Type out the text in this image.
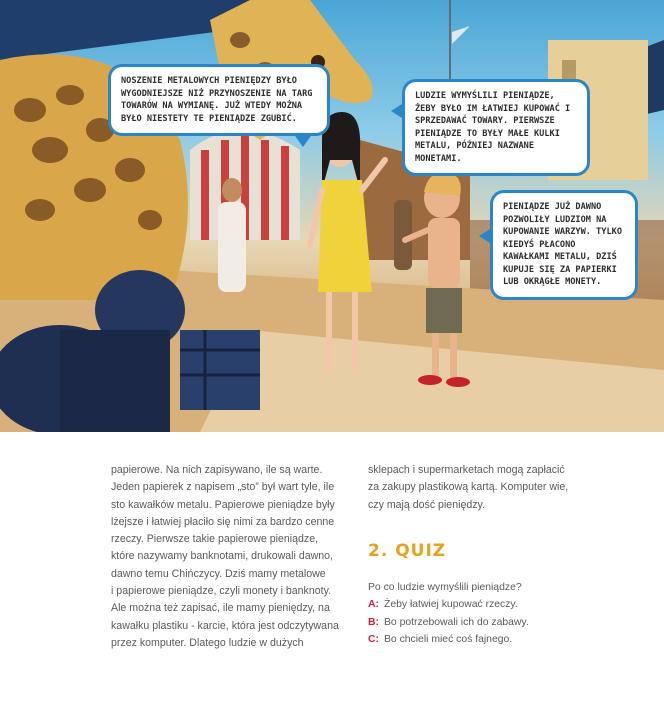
NOSZENIE METALOWYCH PIENIĘDZY BYŁO WYGODNIEJSZE NIŻ PRZYNOSZENIE NA TARG TOWARÓW NA WYMIANĘ. JUŻ WTEDY MOŻNA BYŁO NIESTETY TE PIENIĄDZE ZGUBIĆ.
LUDZIE WYMYŚLILI PIENIĄDZE, ŻEBY BYŁO IM ŁATWIEJ KUPOWAĆ I SPRZEDAWAĆ TOWARY. PIERWSZE PIENIĄDZE TO BYŁY MAŁE KULKI METALU, PÓŹNIEJ NAZWANE MONETAMI.
PIENIĄDZE JUŻ DAWNO POZWOLIŁY LUDZIOM NA KUPOWANIE WARZYW. TYLKO KIEDYŚ PŁACONO KAWAŁKAMI METALU, DZIŚ KUPUJE SIĘ ZA PAPIERKI LUB OKRĄGŁE MONETY.
papierowe. Na nich zapisywano, ile są warte.
Jeden papierek z napisem „sto” był wart tyle, ile
sto kawałków metalu. Papierowe pieniądze były
lżejsze i łatwiej płaciło się nimi za bardzo cenne
rzeczy. Pierwsze takie papierowe pieniądze,
które nazywamy banknotami, drukowali dawno,
dawno temu Chińczycy. Dziś mamy metalowe
i papierowe pieniądze, czyli monety i banknoty.
Ale można też zapisać, ile mamy pieniędzy, na
kawałku plastiku - karcie, która jest odczytywana
przez komputer. Dlatego ludzie w dużych
sklepach i supermarketach mogą zapłacić
za zakupy plastikową kartą. Komputer wie,
czy mają dość pieniędzy.
2. QUIZ
Po co ludzie wymyślili pieniądze?
A: Żeby łatwiej kupować rzeczy.
B: Bo potrzebowali ich do zabawy.
C: Bo chcieli mieć coś fajnego.
